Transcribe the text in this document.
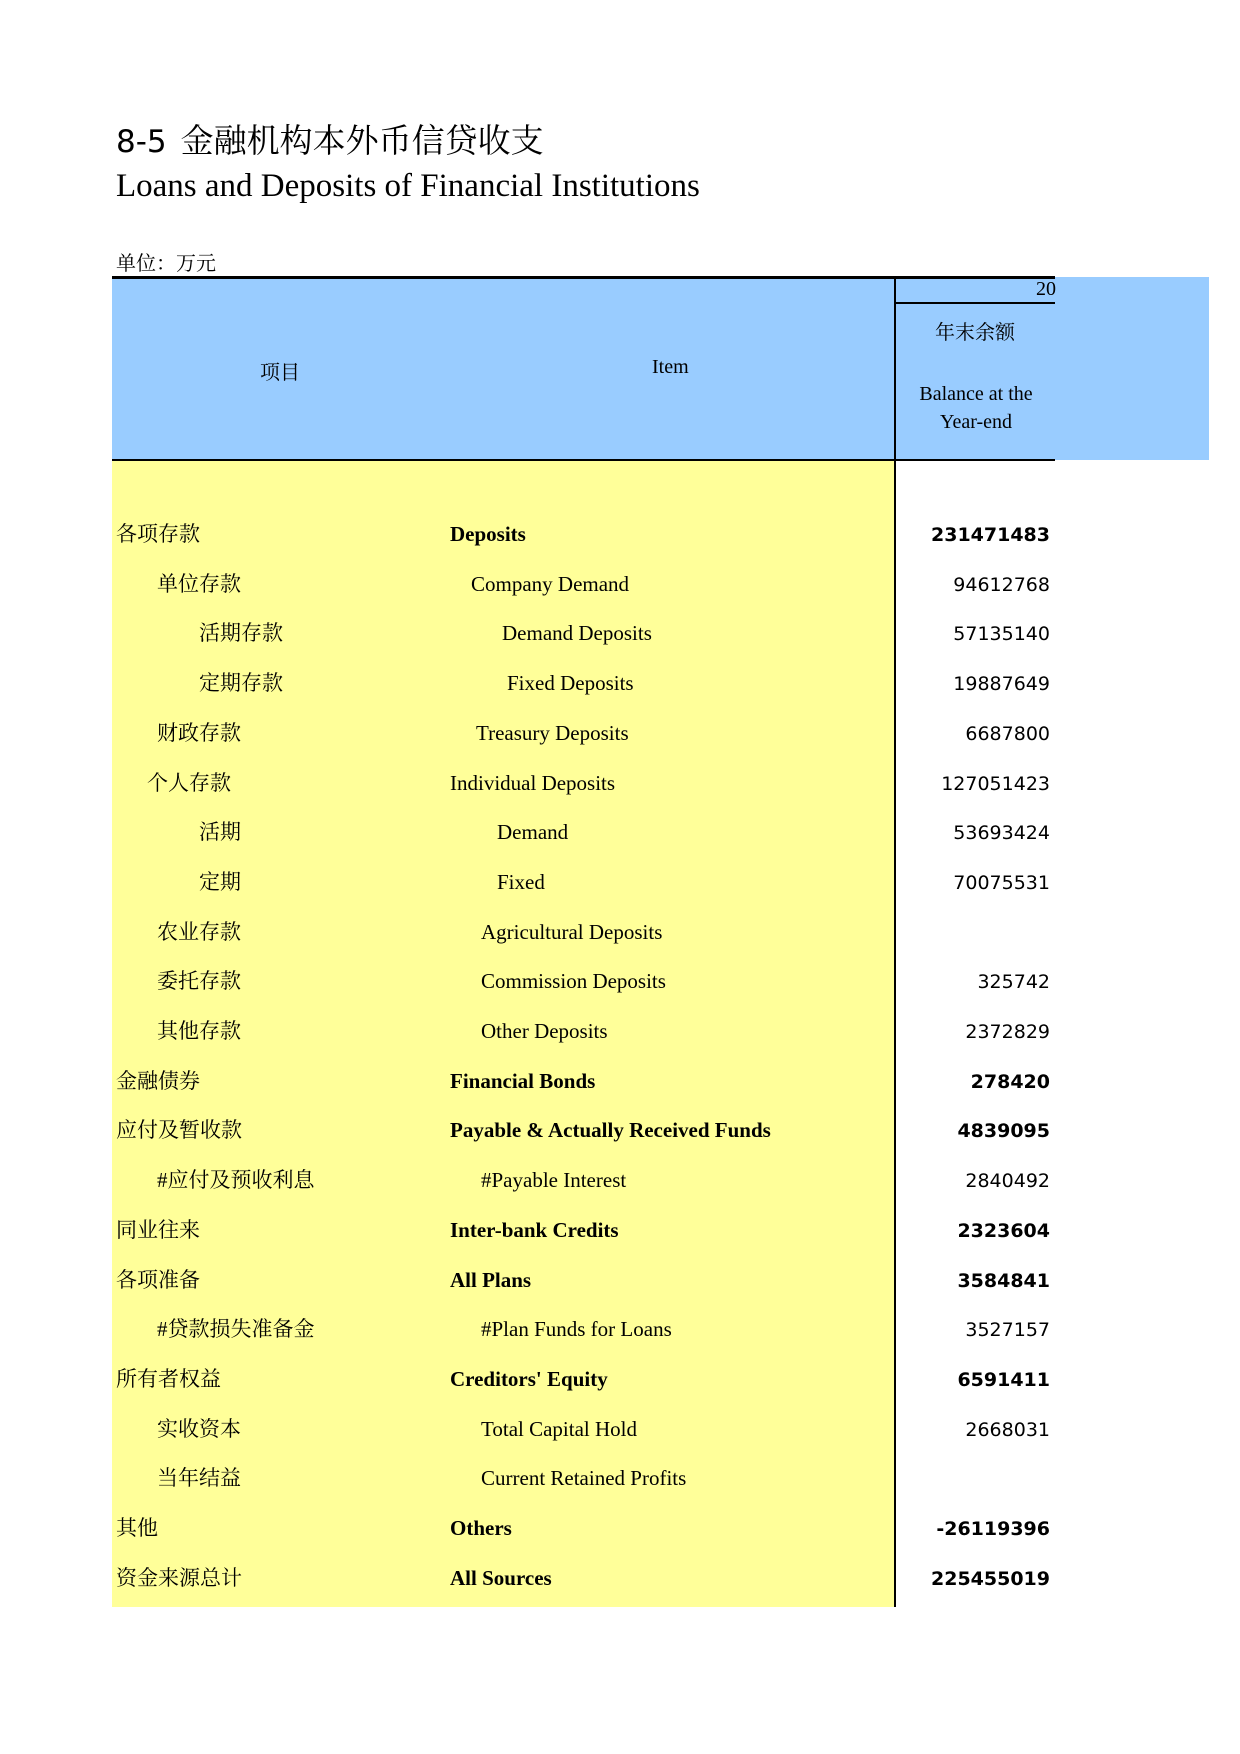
8-5 金融机构本外币信贷收支
Loans and Deposits of Financial Institutions
单位：万元
项目	Item
20
年末余额
Balance at the Year-end
各项存款	Deposits	231471483
单位存款	Company Demand	94612768
活期存款	Demand Deposits	57135140
定期存款	Fixed Deposits	19887649
财政存款	Treasury Deposits	6687800
个人存款	Individual Deposits	127051423
活期	Demand	53693424
定期	Fixed	70075531
农业存款	Agricultural Deposits
委托存款	Commission Deposits	325742
其他存款	Other Deposits	2372829
金融债券	Financial Bonds	278420
应付及暂收款	Payable & Actually Received Funds	4839095
#应付及预收利息	#Payable Interest	2840492
同业往来	Inter-bank Credits	2323604
各项准备	All Plans	3584841
#贷款损失准备金	#Plan Funds for Loans	3527157
所有者权益	Creditors' Equity	6591411
实收资本	Total Capital Hold	2668031
当年结益	Current Retained Profits
其他	Others	-26119396
资金来源总计	All Sources	225455019
